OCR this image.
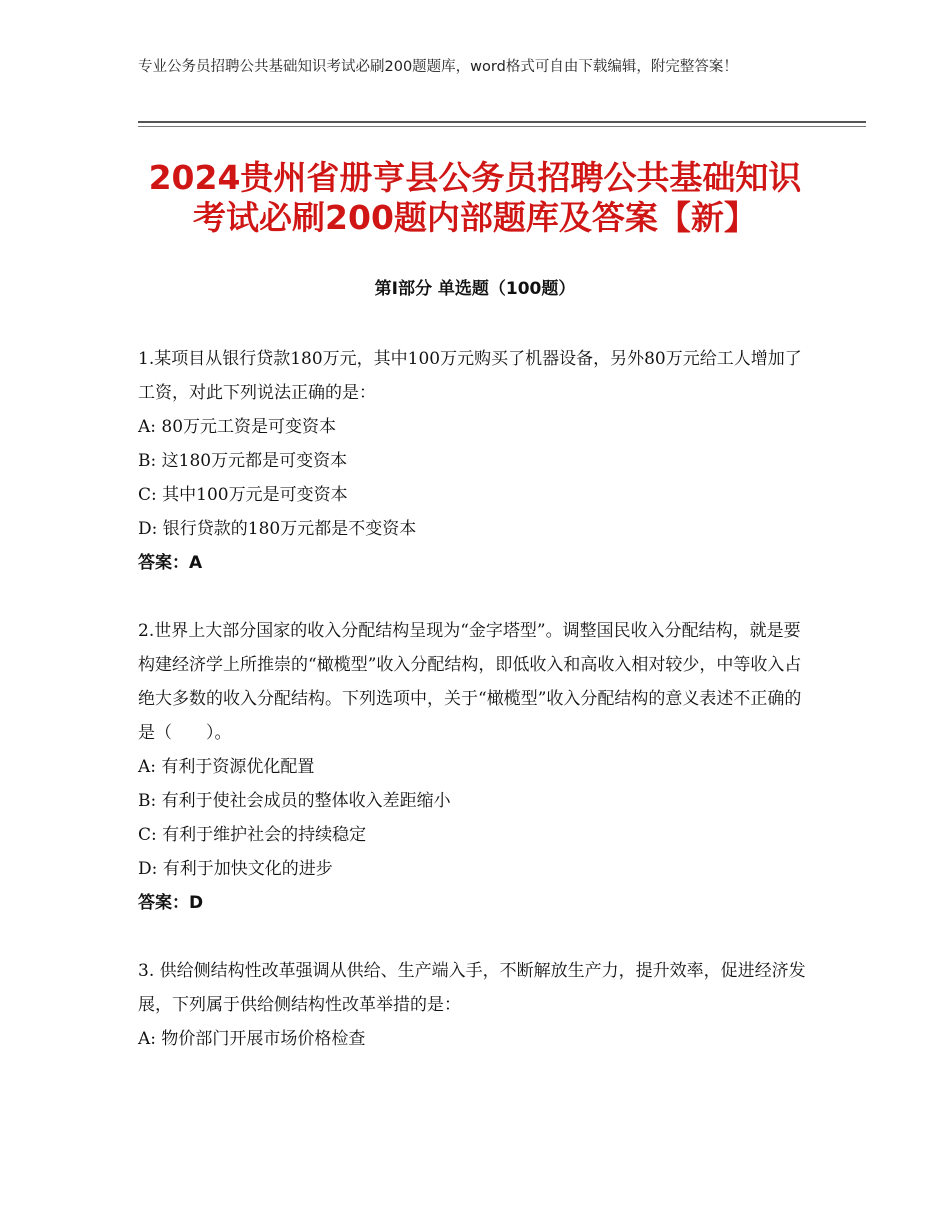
专业公务员招聘公共基础知识考试必刷200题题库，word格式可自由下载编辑，附完整答案！
2024贵州省册亨县公务员招聘公共基础知识
考试必刷200题内部题库及答案【新】
第Ⅰ部分 单选题（100题）

1.某项目从银行贷款180万元，其中100万元购买了机器设备，另外80万元给工人增加了工资，对此下列说法正确的是：

A: 80万元工资是可变资本

B: 这180万元都是可变资本

C: 其中100万元是可变资本

D: 银行贷款的180万元都是不变资本

答案：A

2.世界上大部分国家的收入分配结构呈现为“金字塔型”。调整国民收入分配结构，就是要构建经济学上所推崇的“橄榄型”收入分配结构，即低收入和高收入相对较少，中等收入占绝大多数的收入分配结构。下列选项中，关于“橄榄型”收入分配结构的意义表述不正确的是（　　）。

A: 有利于资源优化配置

B: 有利于使社会成员的整体收入差距缩小

C: 有利于维护社会的持续稳定

D: 有利于加快文化的进步

答案：D

3. 供给侧结构性改革强调从供给、生产端入手，不断解放生产力，提升效率，促进经济发展，下列属于供给侧结构性改革举措的是：

A: 物价部门开展市场价格检查
